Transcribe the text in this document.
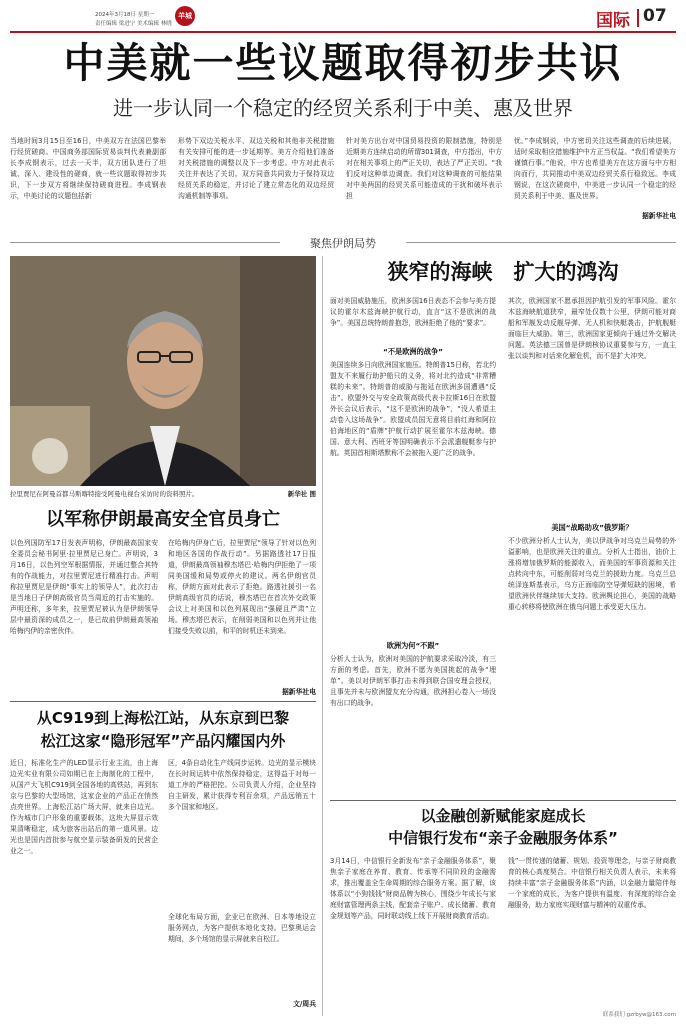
2024年3月18日 星期一
责任编辑 梁进宁 美术编辑 林晓
羊城	国际 07
中美就一些议题取得初步共识
进一步认同一个稳定的经贸关系利于中美、惠及世界
当地时间3月15日至16日，中美双方在法国巴黎举行经贸磋商。中国商务部国际贸易谈判代表兼副部长李成钢表示，过去一天半，双方团队进行了坦诚、深入、建设性的磋商，就一些议题取得初步共识，下一步双方将继续保持磋商进程。李成钢表示，中美讨论的议题包括新
形势下双边关税水平、双边关税和其他非关税措施有关安排可能的进一步延期等。美方介绍他们准备对关税措施的调整以及下一步考虑。中方对此表示关注并表达了关切。双方同意共同致力于保持双边经贸关系的稳定，并讨论了建立常态化的双边经贸沟通机制等事项。
针对美方出台对中国贸易投资的限制措施，特别是近期美方连续启动的所谓301调查，中方指出，中方对在相关事项上的严正关切，表达了严正关切。“我们反对这种单边调查。我们对这种调查的可能结果对中美两国的经贸关系可能造成的干扰和破坏表示担
忧。”李成钢说，中方密切关注这些调查的后续进展，适时采取相应措施维护中方正当权益。“我们希望美方谨慎行事。”他说，中方也希望美方在这方面与中方相向而行，共同推动中美双边经贸关系行稳致远。李成钢说，在这次磋商中，中美进一步认同一个稳定的经贸关系利于中美、惠及世界。
据新华社电
聚焦伊朗局势
拉里贾尼在阿曼首都马斯喀特接受阿曼电视台采访时的资料照片。	新华社 图
以军称伊朗最高安全官员身亡
以色列国防军17日发表声明称，伊朗最高国家安全委员会秘书阿里·拉里贾尼已身亡。声明说，3月16日，以色列空军根据情报，并通过整合其特有的作战能力，对拉里贾尼进行精准打击。声明称拉里贾尼是伊朗“事实上的领导人”，此次打击是当地日子伊朗高级官员当周近的打击实施的。声明还称，多年来，拉里贾尼被认为是伊朗领导层中最资深的成员之一，是已故前伊朗最高领袖哈梅内伊的亲密伙伴。
在哈梅内伊身亡后，拉里贾尼“领导了针对以色列和地区各国的作战行动”。另据路透社17日报道，伊朗最高领袖穆杰塔巴·哈梅内伊拒绝了一项同美国缓和局势或停火的建议。两名伊朗官员称，伊朗方面对此表示了拒绝。路透社援引一名伊朗高级官员的话说，穆杰塔巴在首次外交政策会议上对美国和以色列展现出“强硬且严肃”立场。穆杰塔巴表示，在削弱美国和以色列并让他们接受失败以前，和平的时机还未到来。
据新华社电
从C919到上海松江站，从东京到巴黎
松江这家“隐形冠军”产品闪耀国内外
近日，标准化生产的LED显示行业主流，由上海边光实业有限公司如期已在上海制化的工程中，从国产大飞机C919到全国各地的高铁站，再到东京与巴黎的大型场馆，这家企业的产品正在悄然点亮世界。上海松江站广场大屏，就来自边光。作为城市门户形象的重要载体，这块大屏显示效果清晰稳定，成为旅客出站后的第一道风景。边光也是国内首批参与航空显示装备研发的民营企业之一。
区，4条自动化生产线同步运转。边光的显示模块在长时间运转中依然保持稳定，这得益于对每一道工序的严格把控。公司负责人介绍，企业坚持自主研发，累计获得专利百余项，产品远销五十多个国家和地区。
全球化布局方面，企业已在欧洲、日本等地设立服务网点，为客户提供本地化支持。巴黎奥运会期间，多个场馆的显示屏就来自松江。
文/周兵
狭窄的海峡　扩大的鸿沟
面对美国威胁施压，欧洲多国16日表态不会参与美方提议的霍尔木兹海峡护航行动，直言“这不是欧洲的战争”。美国总统特朗普抱怨，欧洲拒绝了他的“要求”。
“不是欧洲的战争”
美国连续多日向欧洲国家施压。特朗普15日称，若北约盟友不来履行助护船只的义务，将对北约造成“非常糟糕的未来”。特朗普的威胁与拖延在欧洲多国遭遇“反击”。欧盟外交与安全政策高级代表卡拉斯16日在欧盟外长会议后表示，“这不是欧洲的战争”，“没人希望主动卷入这场战争”。欧盟成员国无意将目前红海和阿拉伯海地区的“盾牌”护航行动扩展至霍尔木兹海峡。德国、意大利、西班牙等国明确表示不会派遣舰艇参与护航。英国首相斯塔默称不会被拖入更广泛的战争。
欧洲为何“不跟”
分析人士认为，欧洲对美国的护航要求采取冷淡，有三方面的考虑。首先，欧洲不愿为美国挑起的战争“埋单”。美以对伊朗军事打击未得到联合国安理会授权，且事先并未与欧洲盟友充分沟通，欧洲担心卷入一场没有出口的战争。
其次，欧洲国家不愿承担因护航引发的军事风险。霍尔木兹海峡航道狭窄，最窄处仅数十公里，伊朗可能对商船和军舰发动反舰导弹、无人机和快艇袭击，护航舰艇面临巨大威胁。第三，欧洲国家更倾向于通过外交解决问题。英法德三国曾是伊朗核协议重要参与方，一直主张以谈判和对话来化解危机，而不是扩大冲突。
美国“战略助攻”俄罗斯？
不少欧洲分析人士认为，美以伊战争对乌克兰局势的外溢影响，也是欧洲关注的重点。分析人士指出，油价上涨将增加俄罗斯的能源收入，而美国的军事资源和关注点转向中东，可能削弱对乌克兰的援助力度。乌克兰总统泽连斯基表示，乌方正面临防空导弹短缺的困境，希望欧洲伙伴继续加大支持。欧洲舆论担心，美国的战略重心转移将使欧洲在俄乌问题上承受更大压力。
以金融创新赋能家庭成长
中信银行发布“亲子金融服务体系”
3月14日，中信银行全新发布“亲子金融服务体系”，聚焦亲子家庭在养育、教育、传承等不同阶段的金融需求，推出覆盖全生命周期的综合服务方案。据了解，该体系以“小狗钱钱”财商品牌为核心，围绕少年成长与家庭财富管理两条主线，配套亲子账户、成长储蓄、教育金规划等产品，同时联动线上线下开展财商教育活动。
钱”一贯传递的储蓄、规划、投资等理念，与亲子财商教育的核心高度契合。中信银行相关负责人表示，未来将持续丰富“亲子金融服务体系”内涵，以金融力量陪伴每一个家庭的成长，为客户提供有温度、有深度的综合金融服务，助力家庭实现财富与精神的双重传承。
联系我们 gzrbyw@163.com
